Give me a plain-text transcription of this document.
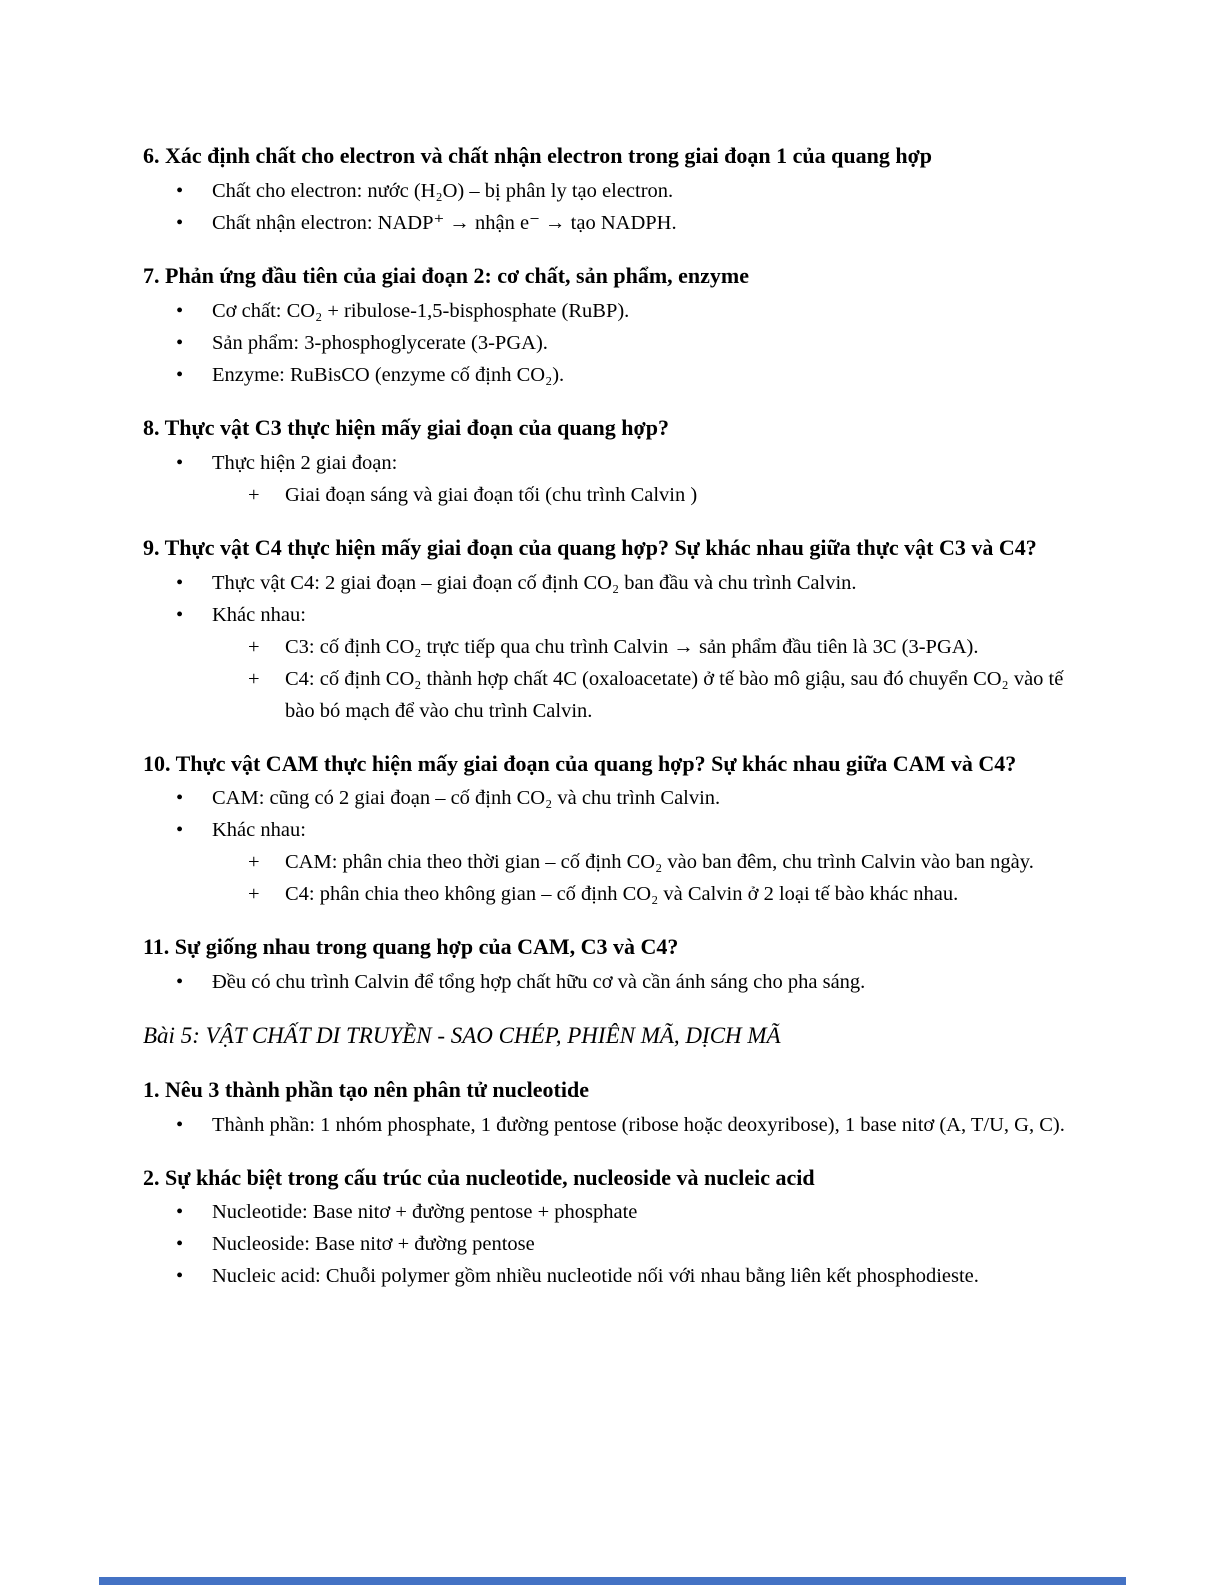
6. Xác định chất cho electron và chất nhận electron trong giai đoạn 1 của quang hợp
•	Chất cho electron: nước (H₂O) – bị phân ly tạo electron.
•	Chất nhận electron: NADP⁺ → nhận e⁻ → tạo NADPH.
7. Phản ứng đầu tiên của giai đoạn 2: cơ chất, sản phẩm, enzyme
•	Cơ chất: CO₂ + ribulose-1,5-bisphosphate (RuBP).
•	Sản phẩm: 3-phosphoglycerate (3-PGA).
•	Enzyme: RuBisCO (enzyme cố định CO₂).
8. Thực vật C3 thực hiện mấy giai đoạn của quang hợp?
•	Thực hiện 2 giai đoạn:
+	Giai đoạn sáng và giai đoạn tối (chu trình Calvin )
9. Thực vật C4 thực hiện mấy giai đoạn của quang hợp? Sự khác nhau giữa thực vật C3 và C4?
•	Thực vật C4: 2 giai đoạn – giai đoạn cố định CO₂ ban đầu và chu trình Calvin.
•	Khác nhau:
+	C3: cố định CO₂ trực tiếp qua chu trình Calvin → sản phẩm đầu tiên là 3C (3-PGA).
+	C4: cố định CO₂ thành hợp chất 4C (oxaloacetate) ở tế bào mô giậu, sau đó chuyển CO₂ vào tế bào bó mạch để vào chu trình Calvin.
10. Thực vật CAM thực hiện mấy giai đoạn của quang hợp? Sự khác nhau giữa CAM và C4?
•	CAM: cũng có 2 giai đoạn – cố định CO₂ và chu trình Calvin.
•	Khác nhau:
+	CAM: phân chia theo thời gian – cố định CO₂ vào ban đêm, chu trình Calvin vào ban ngày.
+	C4: phân chia theo không gian – cố định CO₂ và Calvin ở 2 loại tế bào khác nhau.
11. Sự giống nhau trong quang hợp của CAM, C3 và C4?
•	Đều có chu trình Calvin để tổng hợp chất hữu cơ và cần ánh sáng cho pha sáng.
Bài 5: VẬT CHẤT DI TRUYỀN - SAO CHÉP, PHIÊN MÃ, DỊCH MÃ
1. Nêu 3 thành phần tạo nên phân tử nucleotide
•	Thành phần: 1 nhóm phosphate, 1 đường pentose (ribose hoặc deoxyribose), 1 base nitơ (A, T/U, G, C).
2. Sự khác biệt trong cấu trúc của nucleotide, nucleoside và nucleic acid
•	Nucleotide: Base nitơ + đường pentose + phosphate
•	Nucleoside: Base nitơ + đường pentose
•	Nucleic acid: Chuỗi polymer gồm nhiều nucleotide nối với nhau bằng liên kết phosphodieste.
